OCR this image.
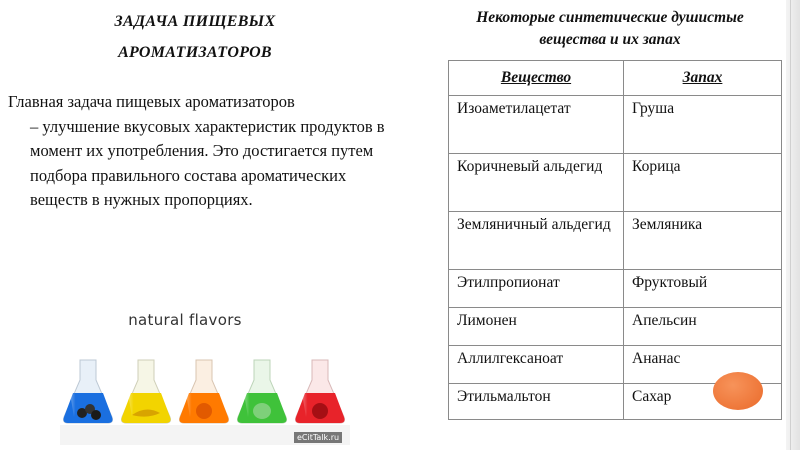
ЗАДАЧА ПИЩЕВЫХ
АРОМАТИЗАТОРОВ

Главная задача пищевых ароматизаторов
– улучшение вкусовых характеристик продуктов в момент их употребления. Это достигается путем подбора правильного состава ароматических веществ в нужных пропорциях.

natural flavors
eCitTalk.ru
Некоторые синтетические душистые
вещества и их запах
Вещество	Запах
Изоаметилацетат	Груша
Коричневый альдегид	Корица
Земляничный альдегид	Земляника
Этилпропионат	Фруктовый
Лимонен	Апельсин
Аллилгексаноат	Ананас
Этильмальтон	Сахар
